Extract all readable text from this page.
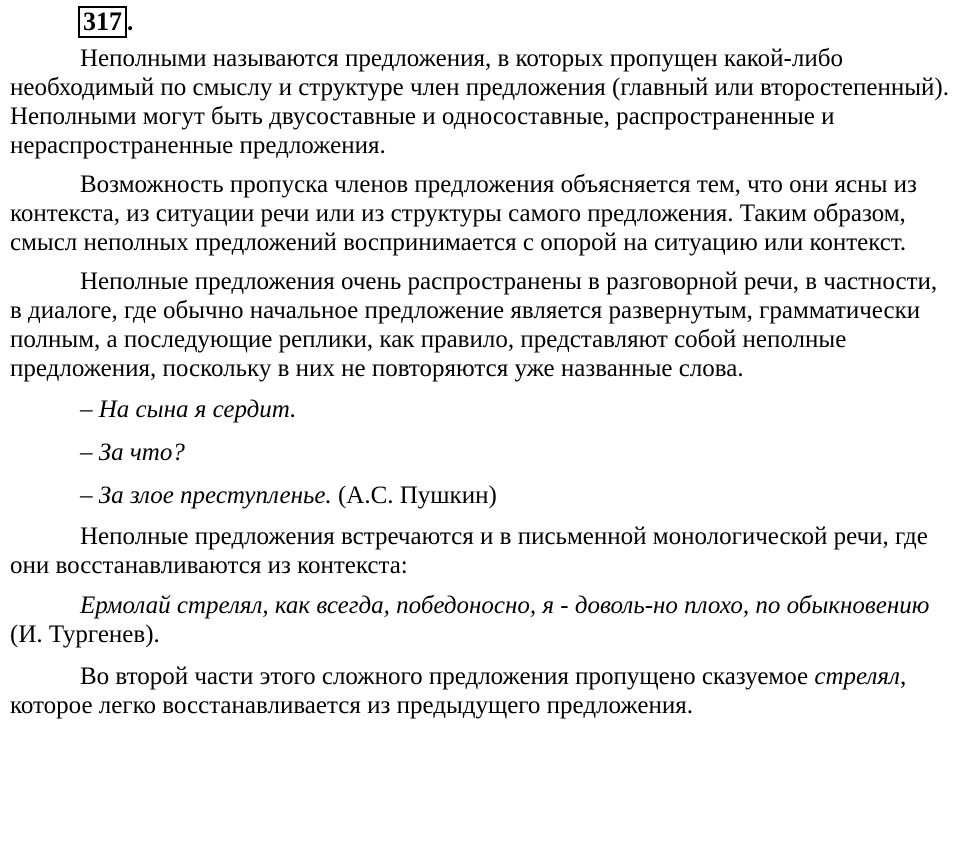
317 .

Неполными называются предложения, в которых пропущен какой-либо необходимый по смыслу и структуре член предложения (главный или второстепенный). Неполными могут быть двусоставные и односоставные, распространенные и нераспространенные предложения.

Возможность пропуска членов предложения объясняется тем, что они ясны из контекста, из ситуации речи или из структуры самого предложения. Таким образом, смысл неполных предложений воспринимается с опорой на ситуацию или контекст.

Неполные предложения очень распространены в разговорной речи, в частности, в диалоге, где обычно начальное предложение является развернутым, грамматически полным, а последующие реплики, как правило, представляют собой неполные предложения, поскольку в них не повторяются уже названные слова.

– На сына я сердит.

– За что?

– За злое преступленье. (А.С. Пушкин)

Неполные предложения встречаются и в письменной монологической речи, где они восстанавливаются из контекста:

Ермолай стрелял, как всегда, победоносно, я - доволь-но плохо, по обыкновению (И. Тургенев).

Во второй части этого сложного предложения пропущено сказуемое стрелял, которое легко восстанавливается из предыдущего предложения.
